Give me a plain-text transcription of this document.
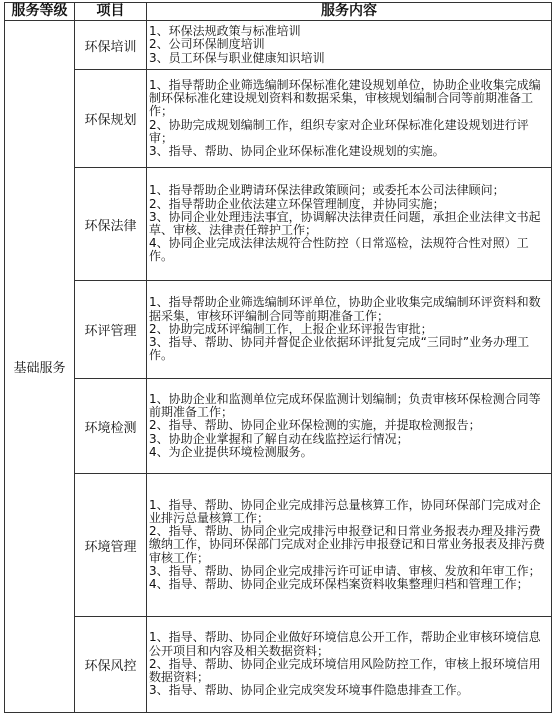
服务等级	项目	服务内容
基础服务	环保培训	1、环保法规政策与标准培训
2、公司环保制度培训
3、员工环保与职业健康知识培训

	环保规划	1、指导帮助企业筛选编制环保标准化建设规划单位，协助企业收集完成编制环保标准化建设规划资料和数据采集，审核规划编制合同等前期准备工作；
2、协助完成规划编制工作，组织专家对企业环保标准化建设规划进行评审；
3、指导、帮助、协同企业环保标准化建设规划的实施。

	环保法律	1、指导帮助企业聘请环保法律政策顾问；或委托本公司法律顾问；
2、指导帮助企业依法建立环保管理制度，并协同实施；
3、协同企业处理违法事宜，协调解决法律责任问题，承担企业法律文书起草、审核、法律责任辩护工作；
4、协同企业完成法律法规符合性防控（日常巡检，法规符合性对照）工作。

	环评管理	1、指导帮助企业筛选编制环评单位，协助企业收集完成编制环评资料和数据采集，审核环评编制合同等前期准备工作；
2、协助完成环评编制工作，上报企业环评报告审批；
3、指导、帮助、协同并督促企业依据环评批复完成“三同时”业务办理工作。

	环境检测	1、协助企业和监测单位完成环保监测计划编制；负责审核环保检测合同等前期准备工作；
2、指导、帮助、协同企业环保检测的实施，并提取检测报告；
3、协助企业掌握和了解自动在线监控运行情况；
4、为企业提供环境检测服务。

	环境管理	1、指导、帮助、协同企业完成排污总量核算工作，协同环保部门完成对企业排污总量核算工作；
2、指导、帮助、协同企业完成排污申报登记和日常业务报表办理及排污费缴纳工作，协同环保部门完成对企业排污申报登记和日常业务报表及排污费审核工作；
3、指导、帮助、协同企业完成排污许可证申请、审核、发放和年审工作；
4、指导、帮助、协同企业完成环保档案资料收集整理归档和管理工作；

	环保风控	1、指导、帮助、协同企业做好环境信息公开工作，帮助企业审核环境信息公开项目和内容及相关数据资料；
2、指导、帮助、协同企业完成环境信用风险防控工作，审核上报环境信用数据资料；
3、指导、帮助、协同企业完成突发环境事件隐患排查工作。
